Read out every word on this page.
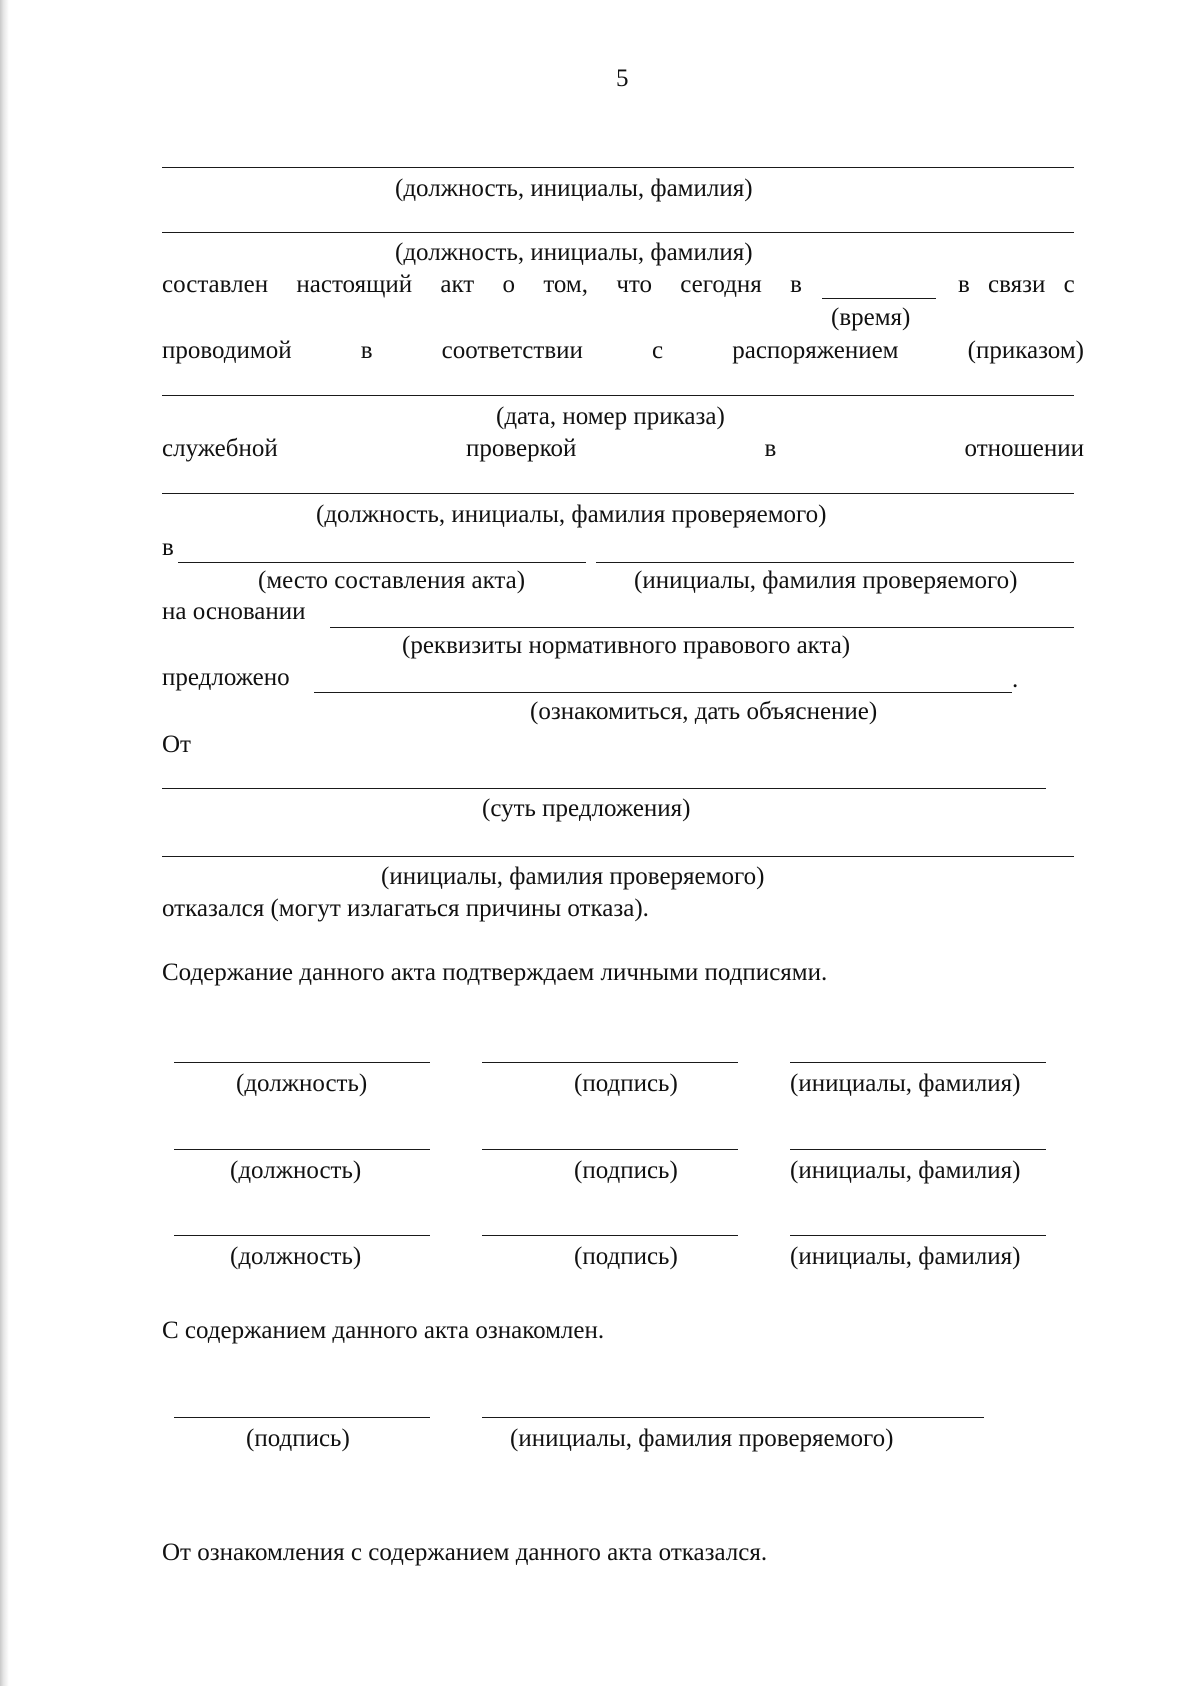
5
(должность, инициалы, фамилия)
(должность, инициалы, фамилия)
составлен настоящий акт о том, что сегодня в	в связи с
(время)
проводимой	в	соответствии	с	распоряжением	(приказом)
(дата, номер приказа)
служебной	проверкой	в	отношении
(должность, инициалы, фамилия проверяемого)
в
(место составления акта)	(инициалы, фамилия проверяемого)
на основании
(реквизиты нормативного правового акта)
предложено	.
(ознакомиться, дать объяснение)
От
(суть предложения)
(инициалы, фамилия проверяемого)
отказался (могут излагаться причины отказа).
Содержание данного акта подтверждаем личными подписями.
(должность)	(подпись)	(инициалы, фамилия)
(должность)	(подпись)	(инициалы, фамилия)
(должность)	(подпись)	(инициалы, фамилия)
С содержанием данного акта ознакомлен.
(подпись)	(инициалы, фамилия проверяемого)
От ознакомления с содержанием данного акта отказался.
